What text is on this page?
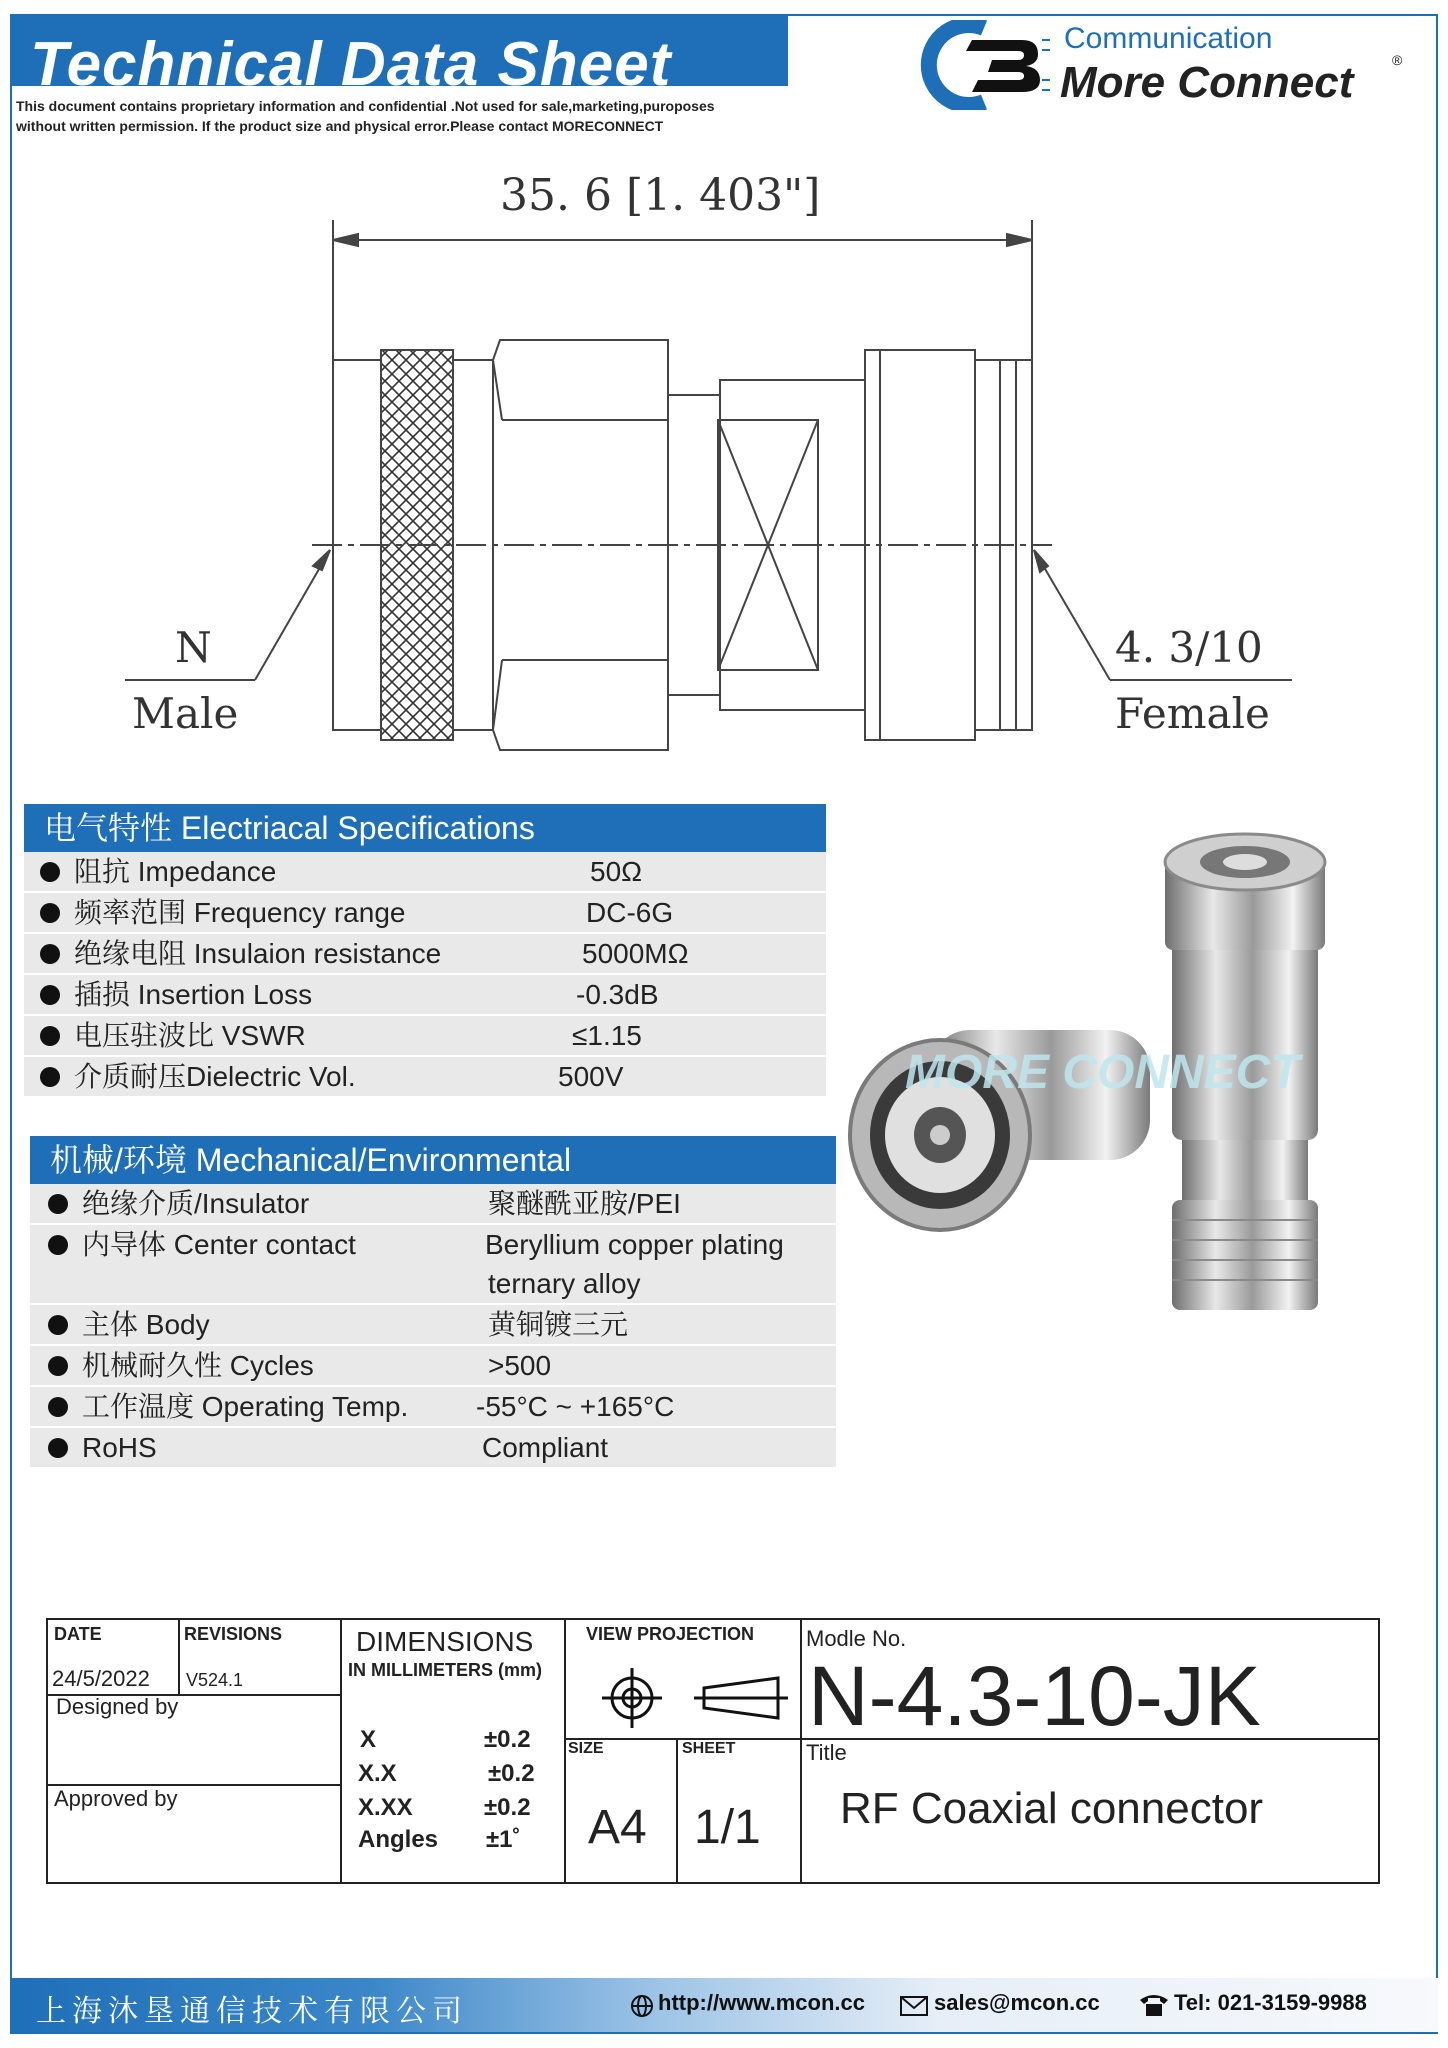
Technical Data Sheet
This document contains proprietary information and confidential .Not used for sale,marketing,puroposes
without written permission. If the product size and physical error.Please contact MORECONNECT
Communication
More Connect	®
35. 6 [1. 403"]
N
Male
4. 3/10
Female
电气特性 Electriacal Specifications
阻抗 Impedance	50Ω
频率范围 Frequency range	DC-6G
绝缘电阻 Insulaion resistance	5000MΩ
插损 Insertion Loss	-0.3dB
电压驻波比 VSWR	≤1.15
介质耐压Dielectric Vol.	500V
机械/环境 Mechanical/Environmental
绝缘介质/Insulator	聚醚酰亚胺/PEI
内导体 Center contact	Beryllium copper plating
ternary alloy
主体 Body	黄铜镀三元
机械耐久性 Cycles	>500
工作温度 Operating Temp. -55°C ~ +165°C
RoHS	Compliant
MORE CONNECT
DATE
24/5/2022
REVISIONS
V524.1
Designed by
Approved by
DIMENSIONS
IN MILLIMETERS (mm)
X	±0.2
X.X	±0.2
X.XX	±0.2
Angles ±1˚
VIEW PROJECTION
SIZE
A4
SHEET
1/1
Modle No.
N-4.3-10-JK
Title
RF Coaxial connector
上海沐垦通信技术有限公司	http://www.mcon.cc	sales@mcon.cc	Tel: 021-3159-9988
